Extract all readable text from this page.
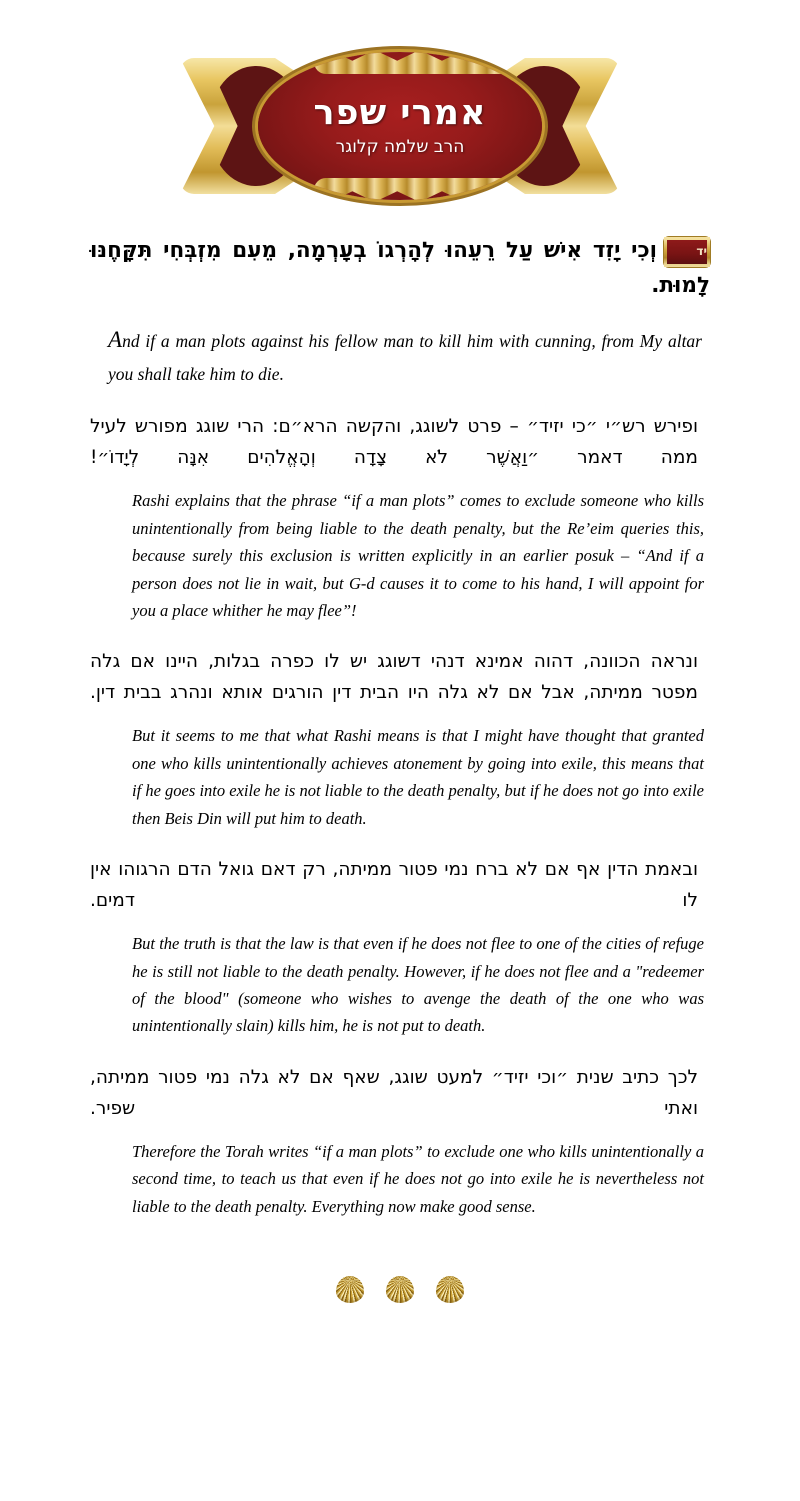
אמרי שפר
הרב שלמה קלוגר
ידוְכִי יָזִד אִישׁ עַל רֵעֵהוּ לְהָרְגוֹ בְעָרְמָה, מֵעִם מִזְבְּחִי תִּקָּחֶנּוּ לָמוּת.

And if a man plots against his fellow man to kill him with cunning, from My altar you shall take him to die.

ופירש רש״י ״כי יזיד״ – פרט לשוגג, והקשה הרא״ם: הרי שוגג מפורש לעיל ממה דאמר ״וַאֲשֶׁר לֹא צָדָה וְהָאֱלֹהִים אִנָּה לְיָדוֹ״!

Rashi explains that the phrase “if a man plots” comes to exclude someone who kills unintentionally from being liable to the death penalty, but the Re’eim queries this, because surely this exclusion is written explicitly in an earlier posuk – “And if a person does not lie in wait, but G-d causes it to come to his hand, I will appoint for you a place whither he may flee”!

ונראה הכוונה, דהוה אמינא דנהי דשוגג יש לו כפרה בגלות, היינו אם גלה מפטר ממיתה, אבל אם לא גלה היו הבית דין הורגים אותא ונהרג בבית דין.

But it seems to me that what Rashi means is that I might have thought that granted one who kills unintentionally achieves atonement by going into exile, this means that if he goes into exile he is not liable to the death penalty, but if he does not go into exile then Beis Din will put him to death.

ובאמת הדין אף אם לא ברח נמי פטור ממיתה, רק דאם גואל הדם הרגוהו אין לו דמים.

But the truth is that the law is that even if he does not flee to one of the cities of refuge he is still not liable to the death penalty. However, if he does not flee and a "redeemer of the blood" (someone who wishes to avenge the death of the one who was unintentionally slain) kills him, he is not put to death.

לכך כתיב שנית ״וכי יזיד״ למעט שוגג, שאף אם לא גלה נמי פטור ממיתה, ואתי שפיר.

Therefore the Torah writes “if a man plots” to exclude one who kills unintentionally a second time, to teach us that even if he does not go into exile he is nevertheless not liable to the death penalty. Everything now make good sense.
